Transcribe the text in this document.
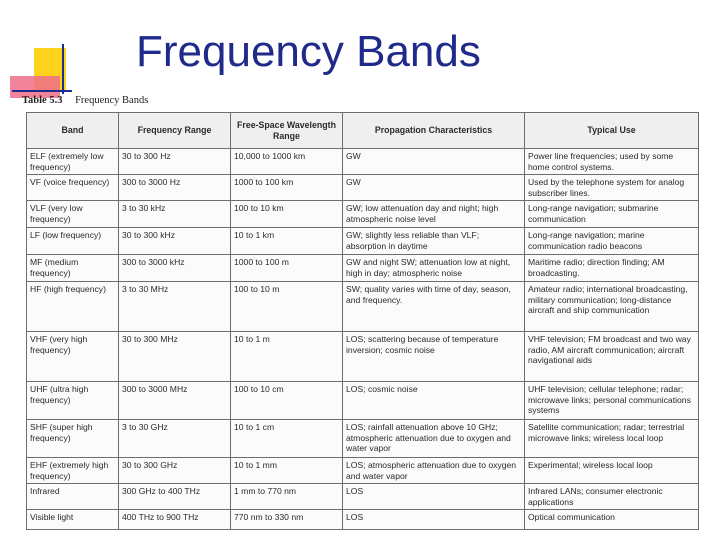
Frequency Bands
Table 5.3 Frequency Bands
Band	Frequency Range	Free-Space Wavelength Range	Propagation Characteristics	Typical Use
ELF (extremely low frequency)	30 to 300 Hz	10,000 to 1000 km	GW	Power line frequencies; used by some home control systems.
VF (voice frequency)	300 to 3000 Hz	1000 to 100 km	GW	Used by the telephone system for analog subscriber lines.
VLF (very low frequency)	3 to 30 kHz	100 to 10 km	GW; low attenuation day and night; high atmospheric noise level	Long-range navigation; submarine communication
LF (low frequency)	30 to 300 kHz	10 to 1 km	GW; slightly less reliable than VLF; absorption in daytime	Long-range navigation; marine communication radio beacons
MF (medium frequency)	300 to 3000 kHz	1000 to 100 m	GW and night SW; attenuation low at night, high in day; atmospheric noise	Maritime radio; direction finding; AM broadcasting.
HF (high frequency)	3 to 30 MHz	100 to 10 m	SW; quality varies with time of day, season, and frequency.	Amateur radio; international broadcasting, military communication; long-distance aircraft and ship communication
VHF (very high frequency)	30 to 300 MHz	10 to 1 m	LOS; scattering because of temperature inversion; cosmic noise	VHF television; FM broadcast and two way radio, AM aircraft communication; aircraft navigational aids
UHF (ultra high frequency)	300 to 3000 MHz	100 to 10 cm	LOS; cosmic noise	UHF television; cellular telephone; radar; microwave links; personal communications systems
SHF (super high frequency)	3 to 30 GHz	10 to 1 cm	LOS; rainfall attenuation above 10 GHz; atmospheric attenuation due to oxygen and water vapor	Satellite communication; radar; terrestrial microwave links; wireless local loop
EHF (extremely high frequency)	30 to 300 GHz	10 to 1 mm	LOS; atmospheric attenuation due to oxygen and water vapor	Experimental; wireless local loop
Infrared	300 GHz to 400 THz	1 mm to 770 nm	LOS	Infrared LANs; consumer electronic applications
Visible light	400 THz to 900 THz	770 nm to 330 nm	LOS	Optical communication
